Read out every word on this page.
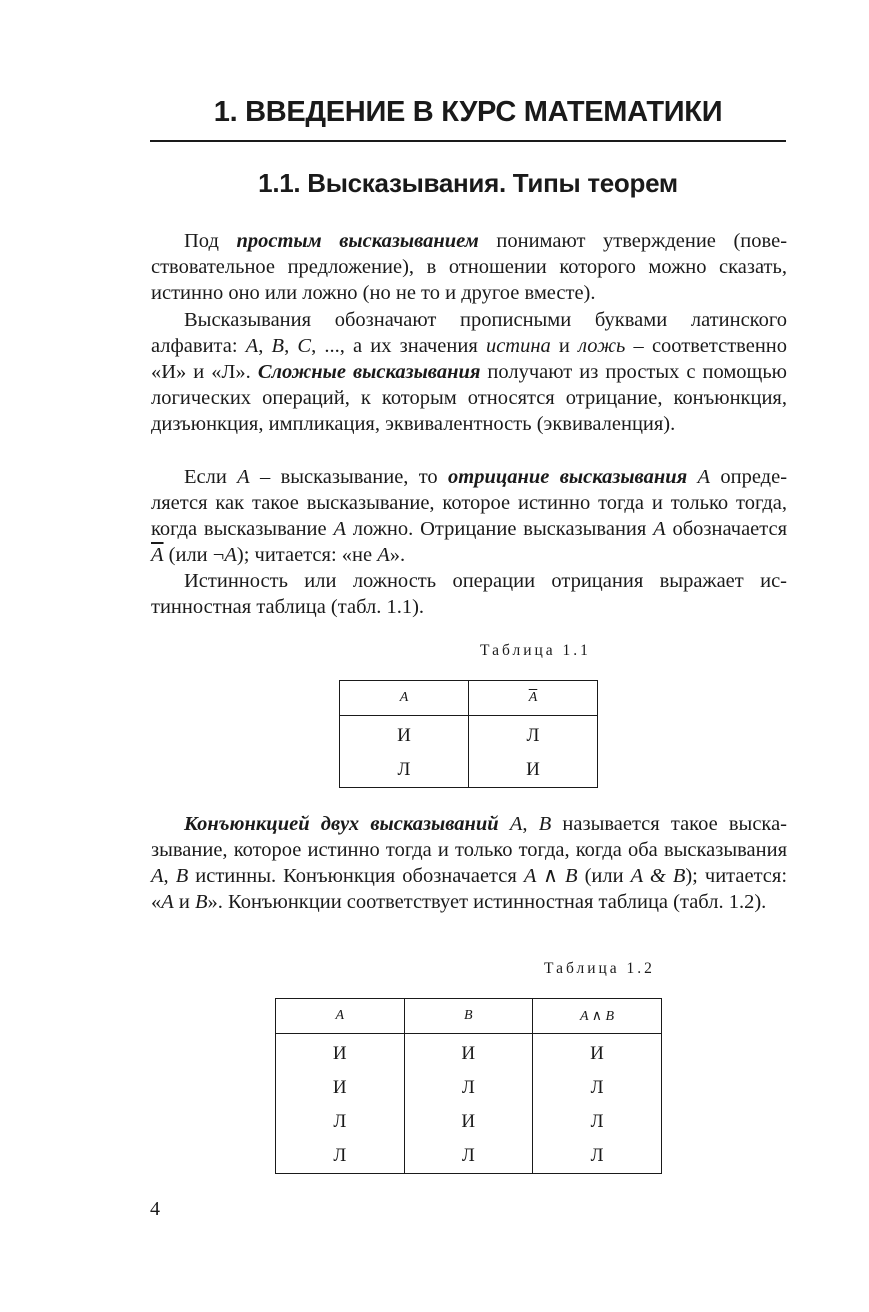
1. ВВЕДЕНИЕ В КУРС МАТЕМАТИКИ
1.1. Высказывания. Типы теорем

Под простым высказыванием понимают утверждение (повествовательное предложение), в отношении которого можно сказать, истинно оно или ложно (но не то и другое вместе).

Высказывания обозначают прописными буквами латинского алфавита: A, B, C, ..., а их значения истина и ложь – соответственно «И» и «Л». Сложные высказывания получают из простых с помощью логических операций, к которым относятся отрицание, конъюнкция, дизъюнкция, импликация, эквивалентность (эквиваленция).

Если A – высказывание, то отрицание высказывания A определяется как такое высказывание, которое истинно тогда и только тогда, когда высказывание A ложно. Отрицание высказывания A обозначается $\overline{A}$ (или ¬A); читается: «не A».

Истинность или ложность операции отрицания выражает истинностная таблица (табл. 1.1).

Таблица 1.1

A	$\overline{A}$
И	Л
Л	И

Конъюнкцией двух высказываний A, B называется такое высказывание, которое истинно тогда и только тогда, когда оба высказывания A, B истинны. Конъюнкция обозначается A ∧ B (или A & B); читается: «A и B». Конъюнкции соответствует истинностная таблица (табл. 1.2).

Таблица 1.2

A	B	A ∧ B
И	И	И
И	Л	Л
Л	И	Л
Л	Л	Л

4
